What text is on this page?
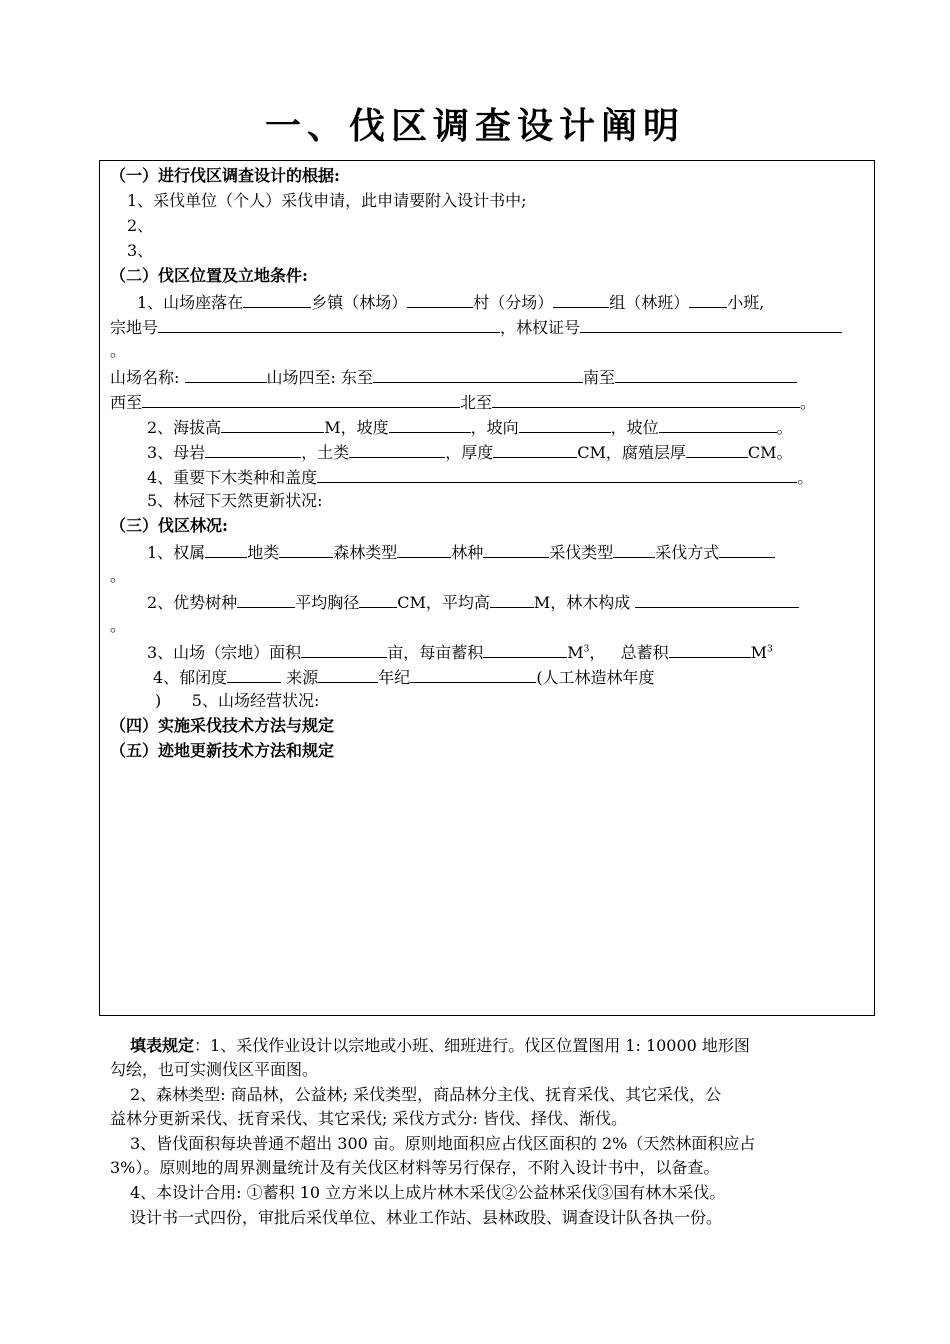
一、伐区调查设计阐明
（一）进行伐区调查设计的根据:
1、采伐单位（个人）采伐申请，此申请要附入设计书中;
2、
3、
（二）伐区位置及立地条件:
1、山场座落在	乡镇（林场）	村（分场）	组（林班） 小班,
宗地号	，林权证号
。
山场名称:	山场四至: 东至	南至
西至	北至	。
2、海拔高	M，坡度	，坡向	，坡位	。
3、母岩	，土类	，厚度	CM，腐殖层厚	CM。
4、重要下木类种和盖度	。
5、林冠下天然更新状况:
（三）伐区林况:
1、权属	地类	森林类型	林种	采伐类型	采伐方式
。
2、优势树种	平均胸径 CM，平均高	M，林木构成
。
3、山场（宗地）面积	亩，每亩蓄积	$M^3$， 总蓄积	$M^3$
4、郁闭度	来源	年纪	(人工林造林年度
) 5、山场经营状况:
（四）实施采伐技术方法与规定
（五）迹地更新技术方法和规定
填表规定：1、采伐作业设计以宗地或小班、细班进行。伐区位置图用 1: 10000 地形图
勾绘，也可实测伐区平面图。
2、森林类型: 商品林，公益林; 采伐类型，商品林分主伐、抚育采伐、其它采伐，公
益林分更新采伐、抚育采伐、其它采伐; 采伐方式分: 皆伐、择伐、渐伐。
3、皆伐面积每块普通不超出 300 亩。原则地面积应占伐区面积的 2%（天然林面积应占
3%）。原则地的周界测量统计及有关伐区材料等另行保存，不附入设计书中，以备查。
4、本设计合用: ①蓄积 10 立方米以上成片林木采伐②公益林采伐③国有林木采伐。
设计书一式四份，审批后采伐单位、林业工作站、县林政股、调查设计队各执一份。
